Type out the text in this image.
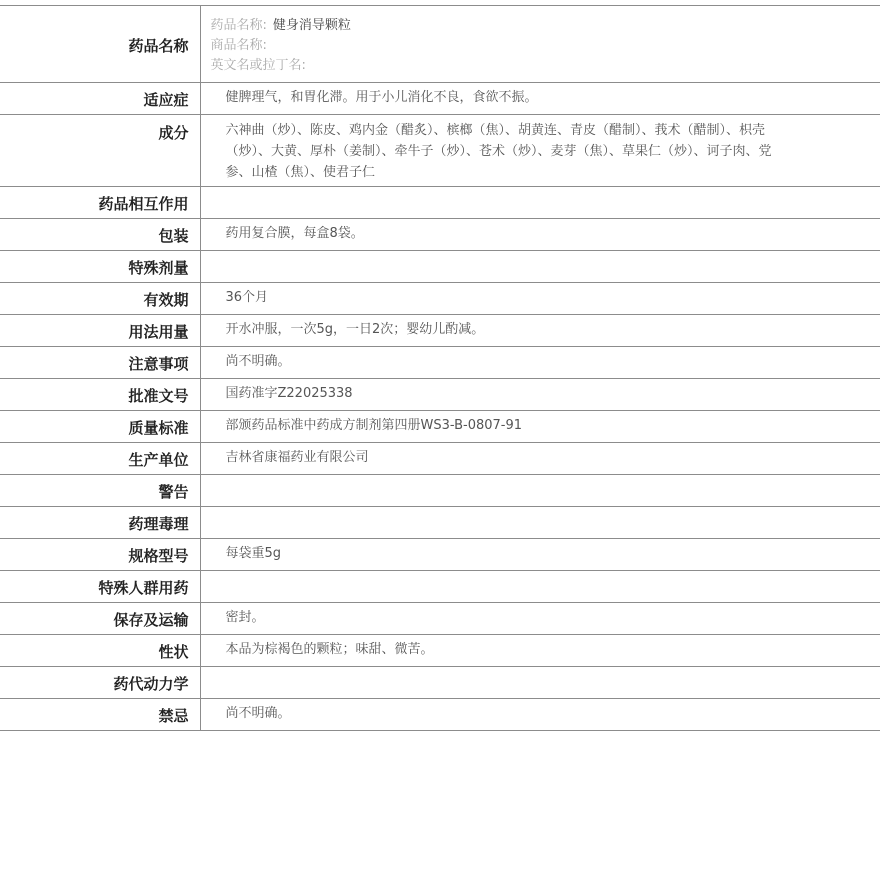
药品名称	药品名称: 健身消导颗粒
商品名称:
英文名或拉丁名:

适应症	健脾理气，和胃化滞。用于小儿消化不良，食欲不振。
成分	六神曲（炒）、陈皮、鸡内金（醋炙）、槟榔（焦）、胡黄连、青皮（醋制）、莪术（醋制）、枳壳（炒）、大黄、厚朴（姜制）、牵牛子（炒）、苍术（炒）、麦芽（焦）、草果仁（炒）、诃子肉、党参、山楂（焦）、使君子仁
药品相互作用	
包装	药用复合膜，每盒8袋。
特殊剂量	
有效期	36个月
用法用量	开水冲服，一次5g，一日2次；婴幼儿酌减。
注意事项	尚不明确。
批准文号	国药准字Z22025338
质量标准	部颁药品标准中药成方制剂第四册WS3-B-0807-91
生产单位	吉林省康福药业有限公司
警告	
药理毒理	
规格型号	每袋重5g
特殊人群用药	
保存及运输	密封。
性状	本品为棕褐色的颗粒；味甜、微苦。
药代动力学	
禁忌	尚不明确。
